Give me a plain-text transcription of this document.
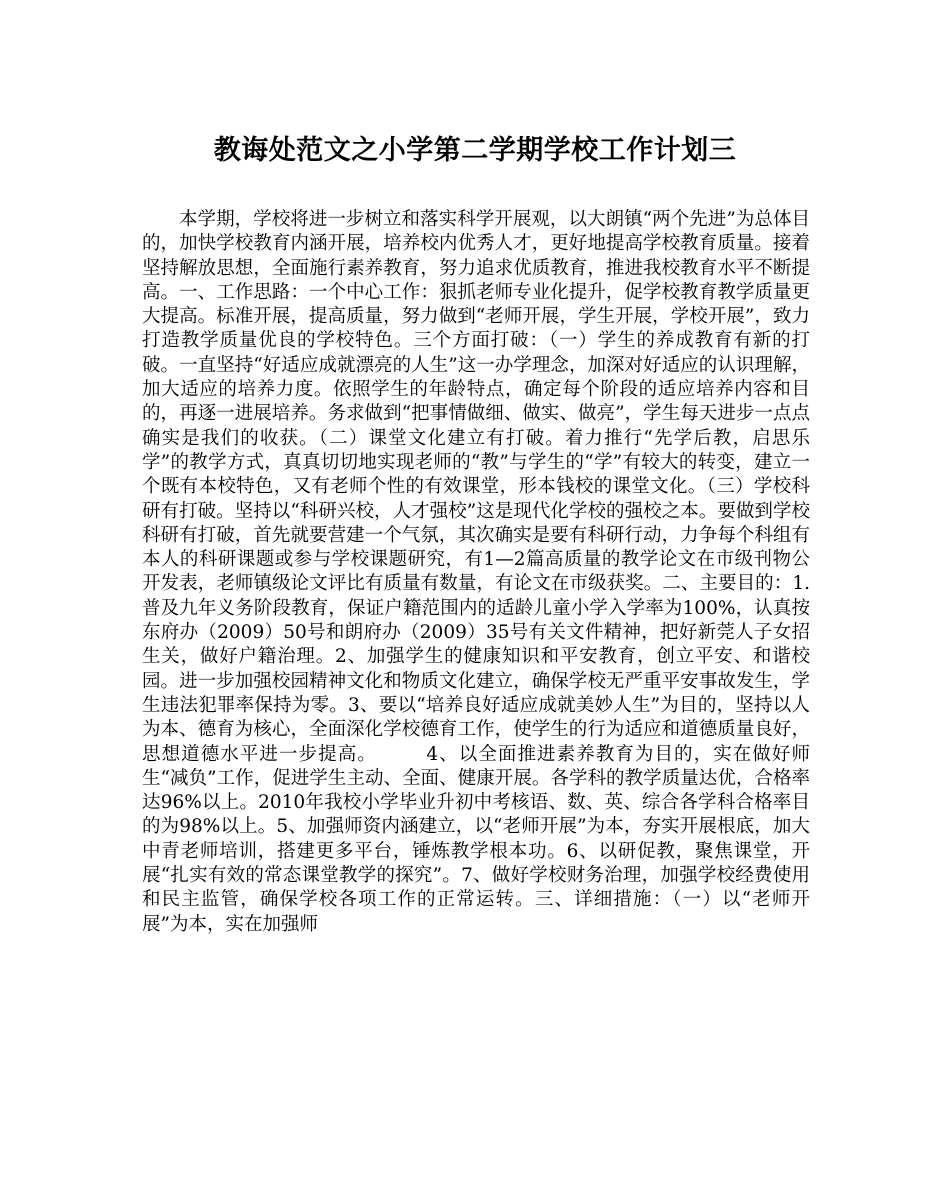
教诲处范文之小学第二学期学校工作计划三

本学期，学校将进一步树立和落实科学开展观，以大朗镇“两个先进”为总体目的，加快学校教育内涵开展，培养校内优秀人才，更好地提高学校教育质量。接着坚持解放思想，全面施行素养教育，努力追求优质教育，推进我校教育水平不断提高。一、工作思路：一个中心工作：狠抓老师专业化提升，促学校教育教学质量更大提高。标准开展，提高质量，努力做到“老师开展，学生开展，学校开展”，致力打造教学质量优良的学校特色。三个方面打破：（一）学生的养成教育有新的打破。一直坚持“好适应成就漂亮的人生”这一办学理念，加深对好适应的认识理解，加大适应的培养力度。依照学生的年龄特点，确定每个阶段的适应培养内容和目的，再逐一进展培养。务求做到“把事情做细、做实、做亮”，学生每天进步一点点确实是我们的收获。（二）课堂文化建立有打破。着力推行“先学后教，启思乐学”的教学方式，真真切切地实现老师的“教”与学生的“学”有较大的转变，建立一个既有本校特色，又有老师个性的有效课堂，形本钱校的课堂文化。（三）学校科研有打破。坚持以“科研兴校，人才强校”这是现代化学校的强校之本。要做到学校科研有打破，首先就要营建一个气氛，其次确实是要有科研行动，力争每个科组有本人的科研课题或参与学校课题研究，有1—2篇高质量的教学论文在市级刊物公开发表，老师镇级论文评比有质量有数量，有论文在市级获奖。二、主要目的：1.普及九年义务阶段教育，保证户籍范围内的适龄儿童小学入学率为100%，认真按东府办（2009）50号和朗府办（2009）35号有关文件精神，把好新莞人子女招生关，做好户籍治理。2、加强学生的健康知识和平安教育，创立平安、和谐校园。进一步加强校园精神文化和物质文化建立，确保学校无严重平安事故发生，学生违法犯罪率保持为零。3、要以“培养良好适应成就美妙人生”为目的，坚持以人为本、德育为核心，全面深化学校德育工作，使学生的行为适应和道德质量良好，思想道德水平进一步提高。　　　4、以全面推进素养教育为目的，实在做好师生“减负”工作，促进学生主动、全面、健康开展。各学科的教学质量达优，合格率达96%以上。2010年我校小学毕业升初中考核语、数、英、综合各学科合格率目的为98%以上。5、加强师资内涵建立，以“老师开展”为本，夯实开展根底，加大中青老师培训，搭建更多平台，锤炼教学根本功。6、以研促教，聚焦课堂，开展“扎实有效的常态课堂教学的探究”。7、做好学校财务治理，加强学校经费使用和民主监管，确保学校各项工作的正常运转。三、详细措施：（一）以“老师开展”为本，实在加强师
